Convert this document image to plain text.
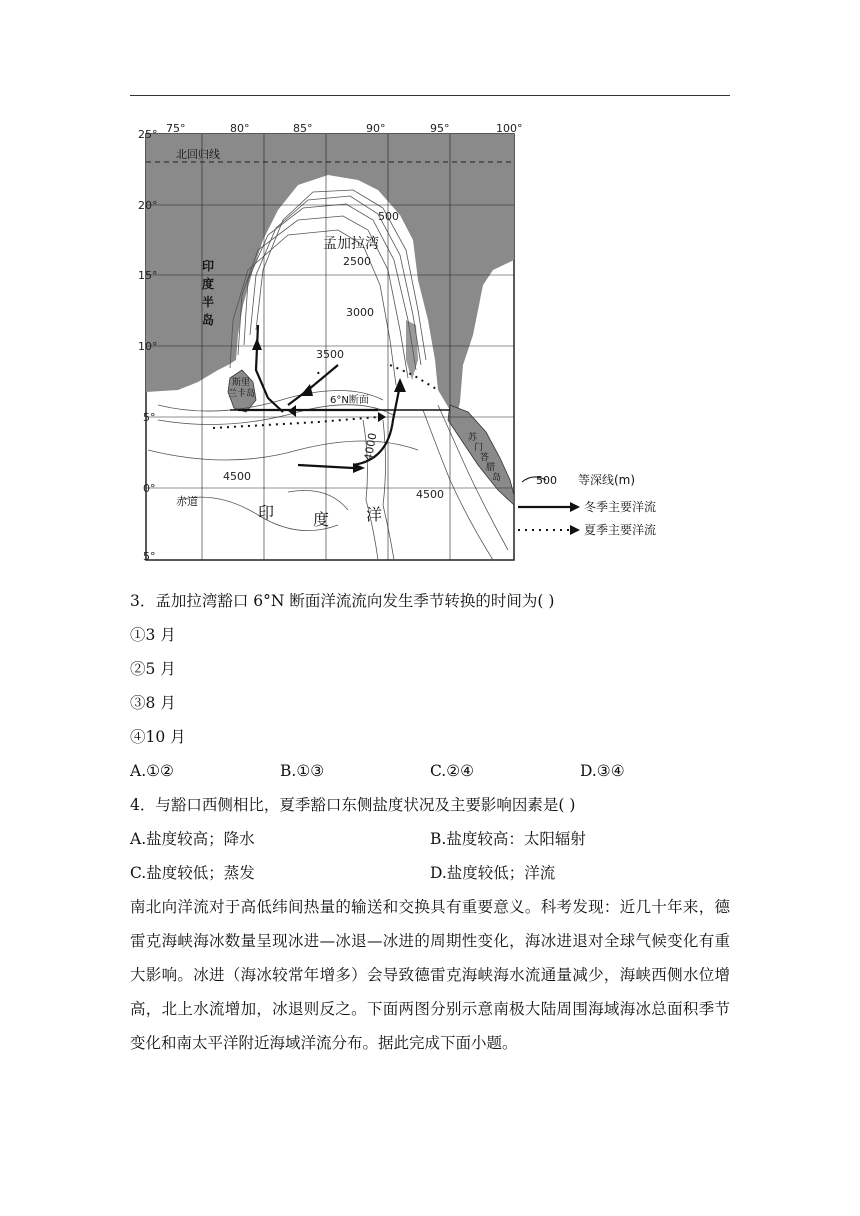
25°
20°
15°
10°
5°
0°
5°
75°	80°	85°	90°	95°	100°
北回归线
孟加拉湾
印
度
半
岛
斯里
兰卡岛
6°N断面
赤道
印 度 洋
苏
门
答
腊
岛
500
2500
3000
3500
4000
4500
4500
500 等深线(m)
冬季主要洋流
夏季主要洋流

3．孟加拉湾豁口 6°N 断面洋流流向发生季节转换的时间为( )

①3 月

②5 月

③8 月

④10 月

A.①②	B.①③	C.②④	D.③④

4．与豁口西侧相比，夏季豁口东侧盐度状况及主要影响因素是( )

A.盐度较高；降水	B.盐度较高：太阳辐射
C.盐度较低；蒸发	D.盐度较低；洋流

南北向洋流对于高低纬间热量的输送和交换具有重要意义。科考发现：近几十年来，德雷克海峡海冰数量呈现冰进—冰退—冰进的周期性变化，海冰进退对全球气候变化有重大影响。冰进（海冰较常年增多）会导致德雷克海峡海水流通量减少，海峡西侧水位增高，北上水流增加，冰退则反之。下面两图分别示意南极大陆周围海域海冰总面积季节变化和南太平洋附近海域洋流分布。据此完成下面小题。
